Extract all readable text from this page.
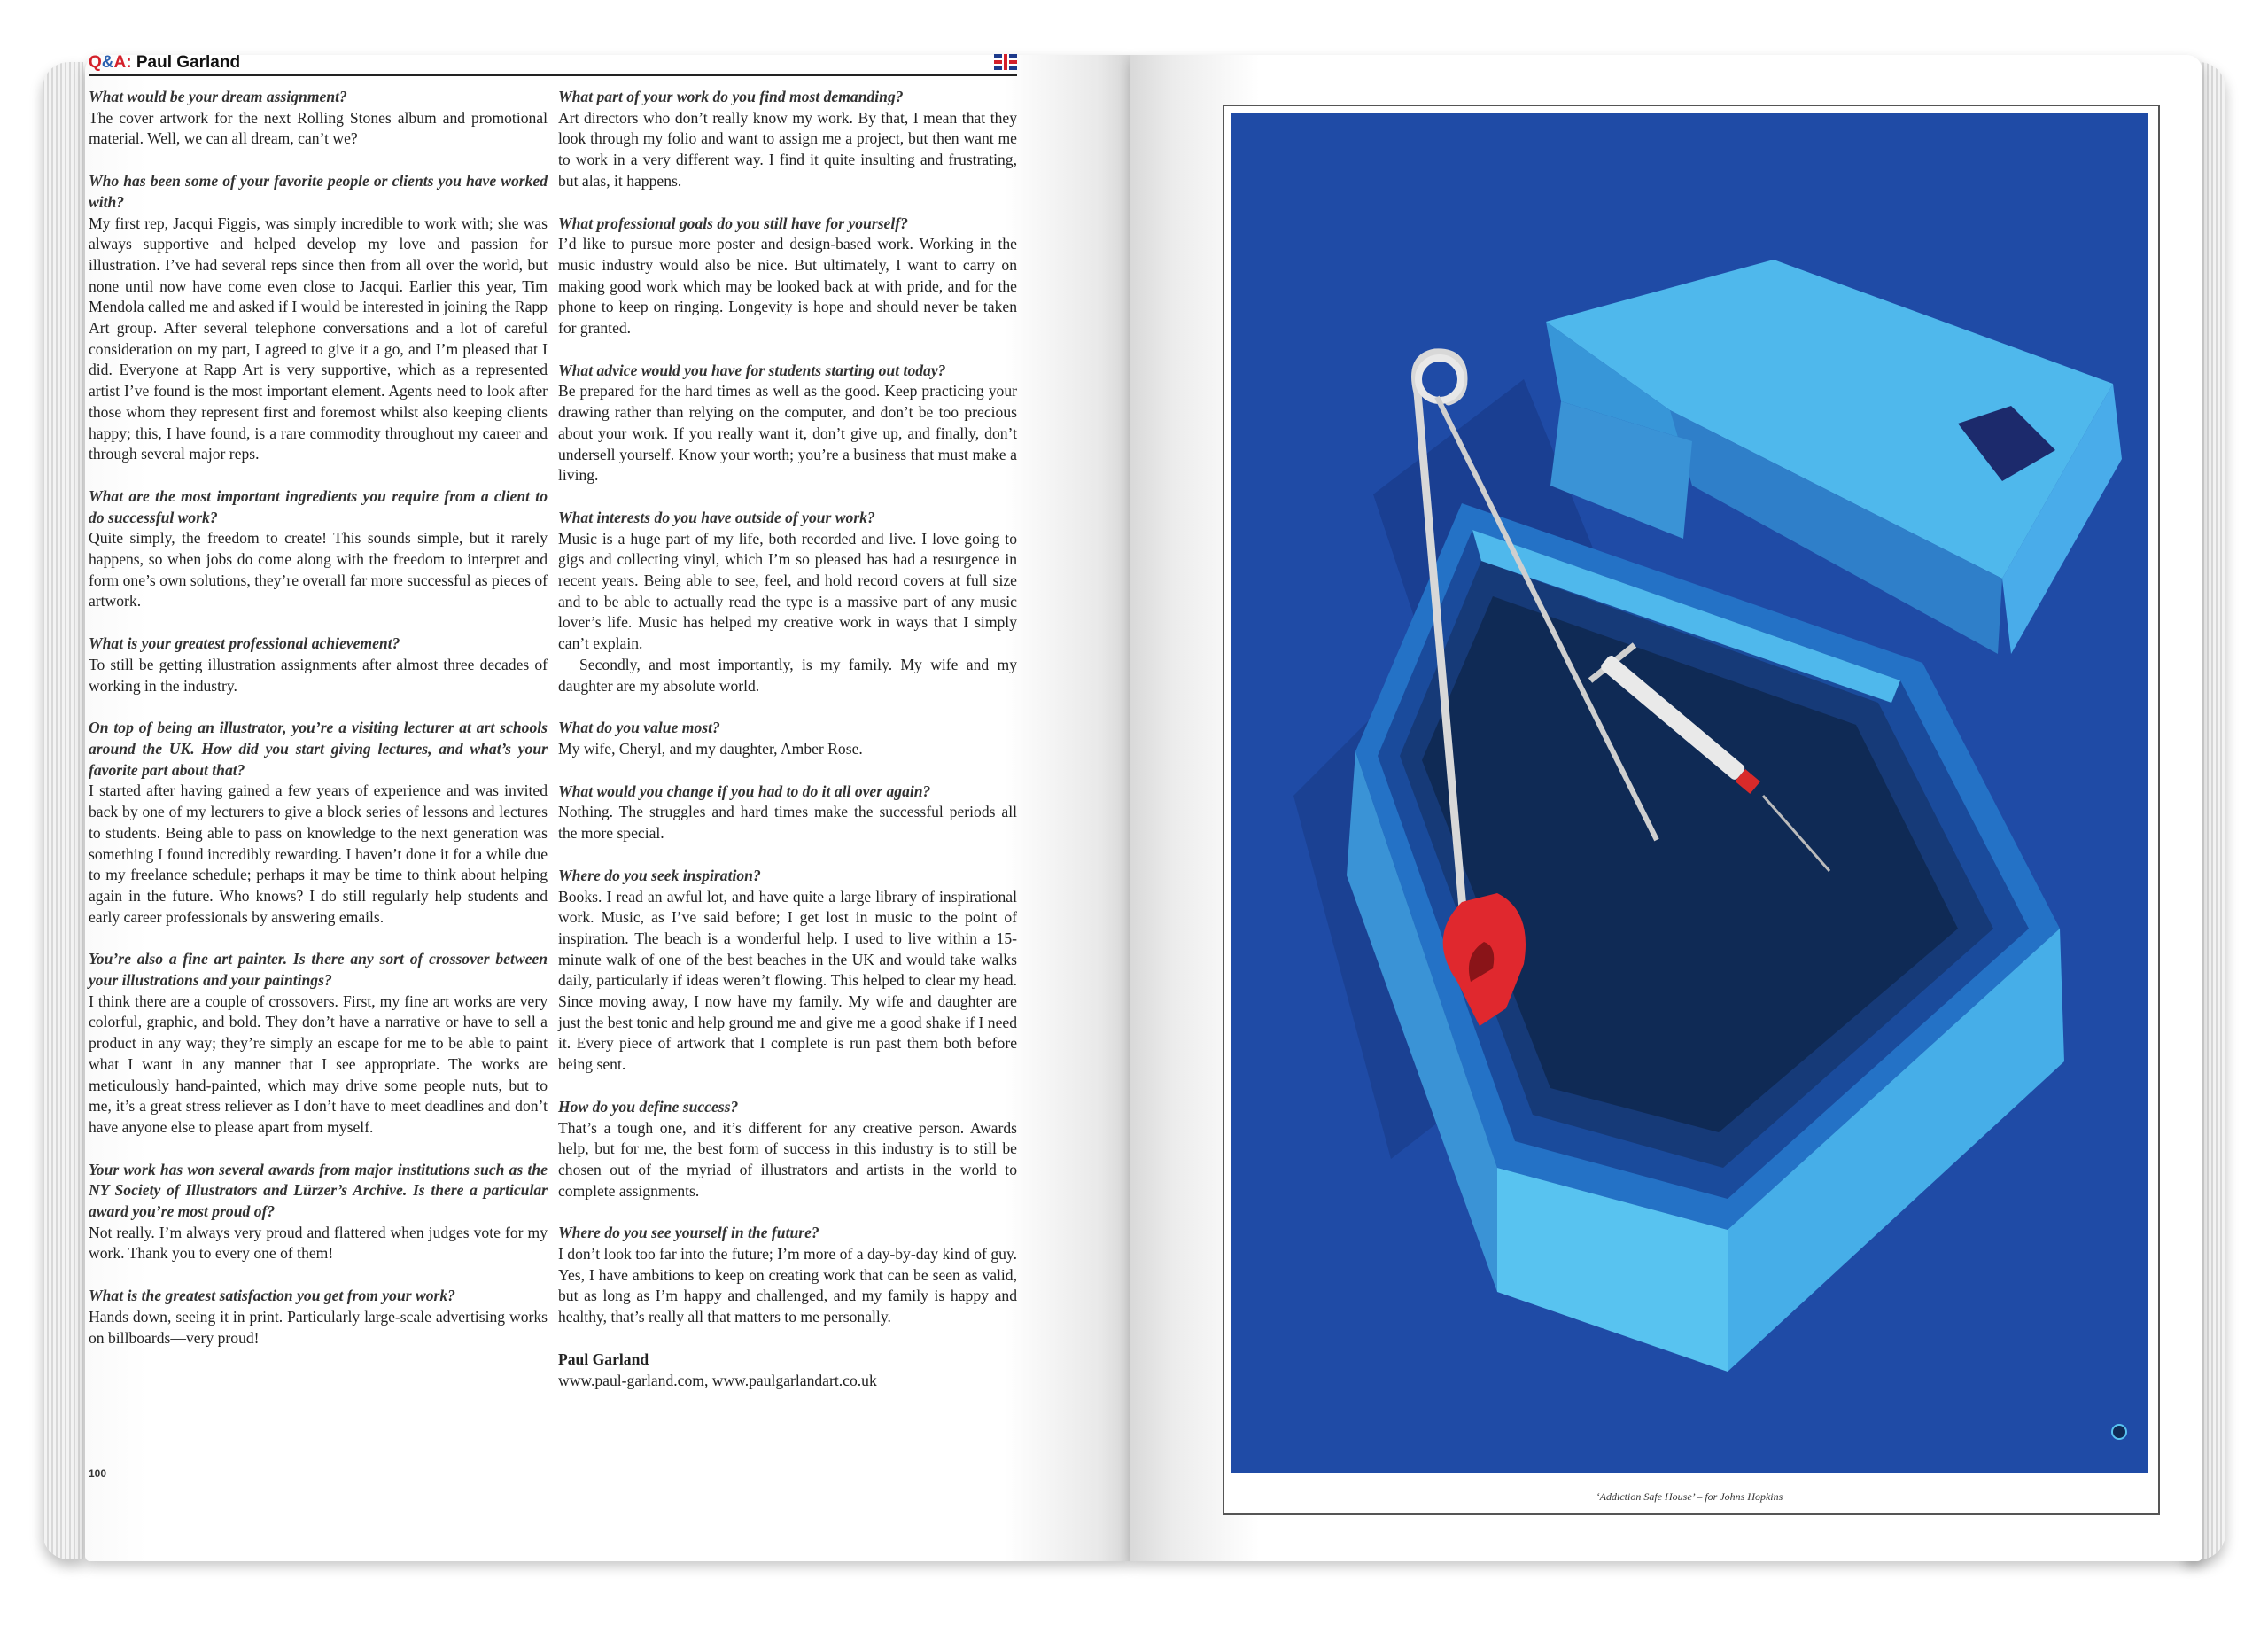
Q&A: Paul Garland
What would be your dream assignment?
The cover artwork for the next Rolling Stones album and promotional material. Well, we can all dream, can’t we?
Who has been some of your favorite people or clients you have worked with?
My first rep, Jacqui Figgis, was simply incredible to work with; she was always supportive and helped develop my love and passion for illustration. I’ve had several reps since then from all over the world, but none until now have come even close to Jacqui. Earlier this year, Tim Mendola called me and asked if I would be interested in joining the Rapp Art group. After several telephone conversations and a lot of careful consideration on my part, I agreed to give it a go, and I’m pleased that I did. Everyone at Rapp Art is very supportive, which as a represented artist I’ve found is the most important element. Agents need to look after those whom they represent first and foremost whilst also keeping clients happy; this, I have found, is a rare commodity throughout my career and through several major reps.
What are the most important ingredients you require from a client to do successful work?
Quite simply, the freedom to create! This sounds simple, but it rarely happens, so when jobs do come along with the freedom to interpret and form one’s own solutions, they’re overall far more successful as pieces of artwork.
What is your greatest professional achievement?
To still be getting illustration assignments after almost three decades of working in the industry.
On top of being an illustrator, you’re a visiting lecturer at art schools around the UK. How did you start giving lectures, and what’s your favorite part about that?
I started after having gained a few years of experience and was invited back by one of my lecturers to give a block series of lessons and lectures to students. Being able to pass on knowledge to the next generation was something I found incredibly rewarding. I haven’t done it for a while due to my freelance schedule; perhaps it may be time to think about helping again in the future. Who knows? I do still regularly help students and early career professionals by answering emails.
You’re also a fine art painter. Is there any sort of crossover between your illustrations and your paintings?
I think there are a couple of crossovers. First, my fine art works are very colorful, graphic, and bold. They don’t have a narrative or have to sell a product in any way; they’re simply an escape for me to be able to paint what I want in any manner that I see appropriate. The works are meticulously hand-painted, which may drive some people nuts, but to me, it’s a great stress reliever as I don’t have to meet deadlines and don’t have anyone else to please apart from myself.
Your work has won several awards from major institutions such as the NY Society of Illustrators and Lürzer’s Archive. Is there a particular award you’re most proud of?
Not really. I’m always very proud and flattered when judges vote for my work. Thank you to every one of them!
What is the greatest satisfaction you get from your work?
Hands down, seeing it in print. Particularly large-scale advertising works on billboards—very proud!
What part of your work do you find most demanding?
Art directors who don’t really know my work. By that, I mean that they look through my folio and want to assign me a project, but then want me to work in a very different way. I find it quite insulting and frustrating, but alas, it happens.
What professional goals do you still have for yourself?
I’d like to pursue more poster and design-based work. Working in the music industry would also be nice. But ultimately, I want to carry on making good work which may be looked back at with pride, and for the phone to keep on ringing. Longevity is hope and should never be taken for granted.
What advice would you have for students starting out today?
Be prepared for the hard times as well as the good. Keep practicing your drawing rather than relying on the computer, and don’t be too precious about your work. If you really want it, don’t give up, and finally, don’t undersell yourself. Know your worth; you’re a business that must make a living.
What interests do you have outside of your work?
Music is a huge part of my life, both recorded and live. I love going to gigs and collecting vinyl, which I’m so pleased has had a resurgence in recent years. Being able to see, feel, and hold record covers at full size and to be able to actually read the type is a massive part of any music lover’s life. Music has helped my creative work in ways that I simply can’t explain.
Secondly, and most importantly, is my family. My wife and my daughter are my absolute world.
What do you value most?
My wife, Cheryl, and my daughter, Amber Rose.
What would you change if you had to do it all over again?
Nothing. The struggles and hard times make the successful periods all the more special.
Where do you seek inspiration?
Books. I read an awful lot, and have quite a large library of inspirational work. Music, as I’ve said before; I get lost in music to the point of inspiration. The beach is a wonderful help. I used to live within a 15-minute walk of one of the best beaches in the UK and would take walks daily, particularly if ideas weren’t flowing. This helped to clear my head. Since moving away, I now have my family. My wife and daughter are just the best tonic and help ground me and give me a good shake if I need it. Every piece of artwork that I complete is run past them both before being sent.
How do you define success?
That’s a tough one, and it’s different for any creative person. Awards help, but for me, the best form of success in this industry is to still be chosen out of the myriad of illustrators and artists in the world to complete assignments.
Where do you see yourself in the future?
I don’t look too far into the future; I’m more of a day-by-day kind of guy. Yes, I have ambitions to keep on creating work that can be seen as valid, but as long as I’m happy and challenged, and my family is happy and healthy, that’s really all that matters to me personally.
Paul Garland
www.paul-garland.com, www.paulgarlandart.co.uk
100
‘Addiction Safe House’ – for Johns Hopkins
